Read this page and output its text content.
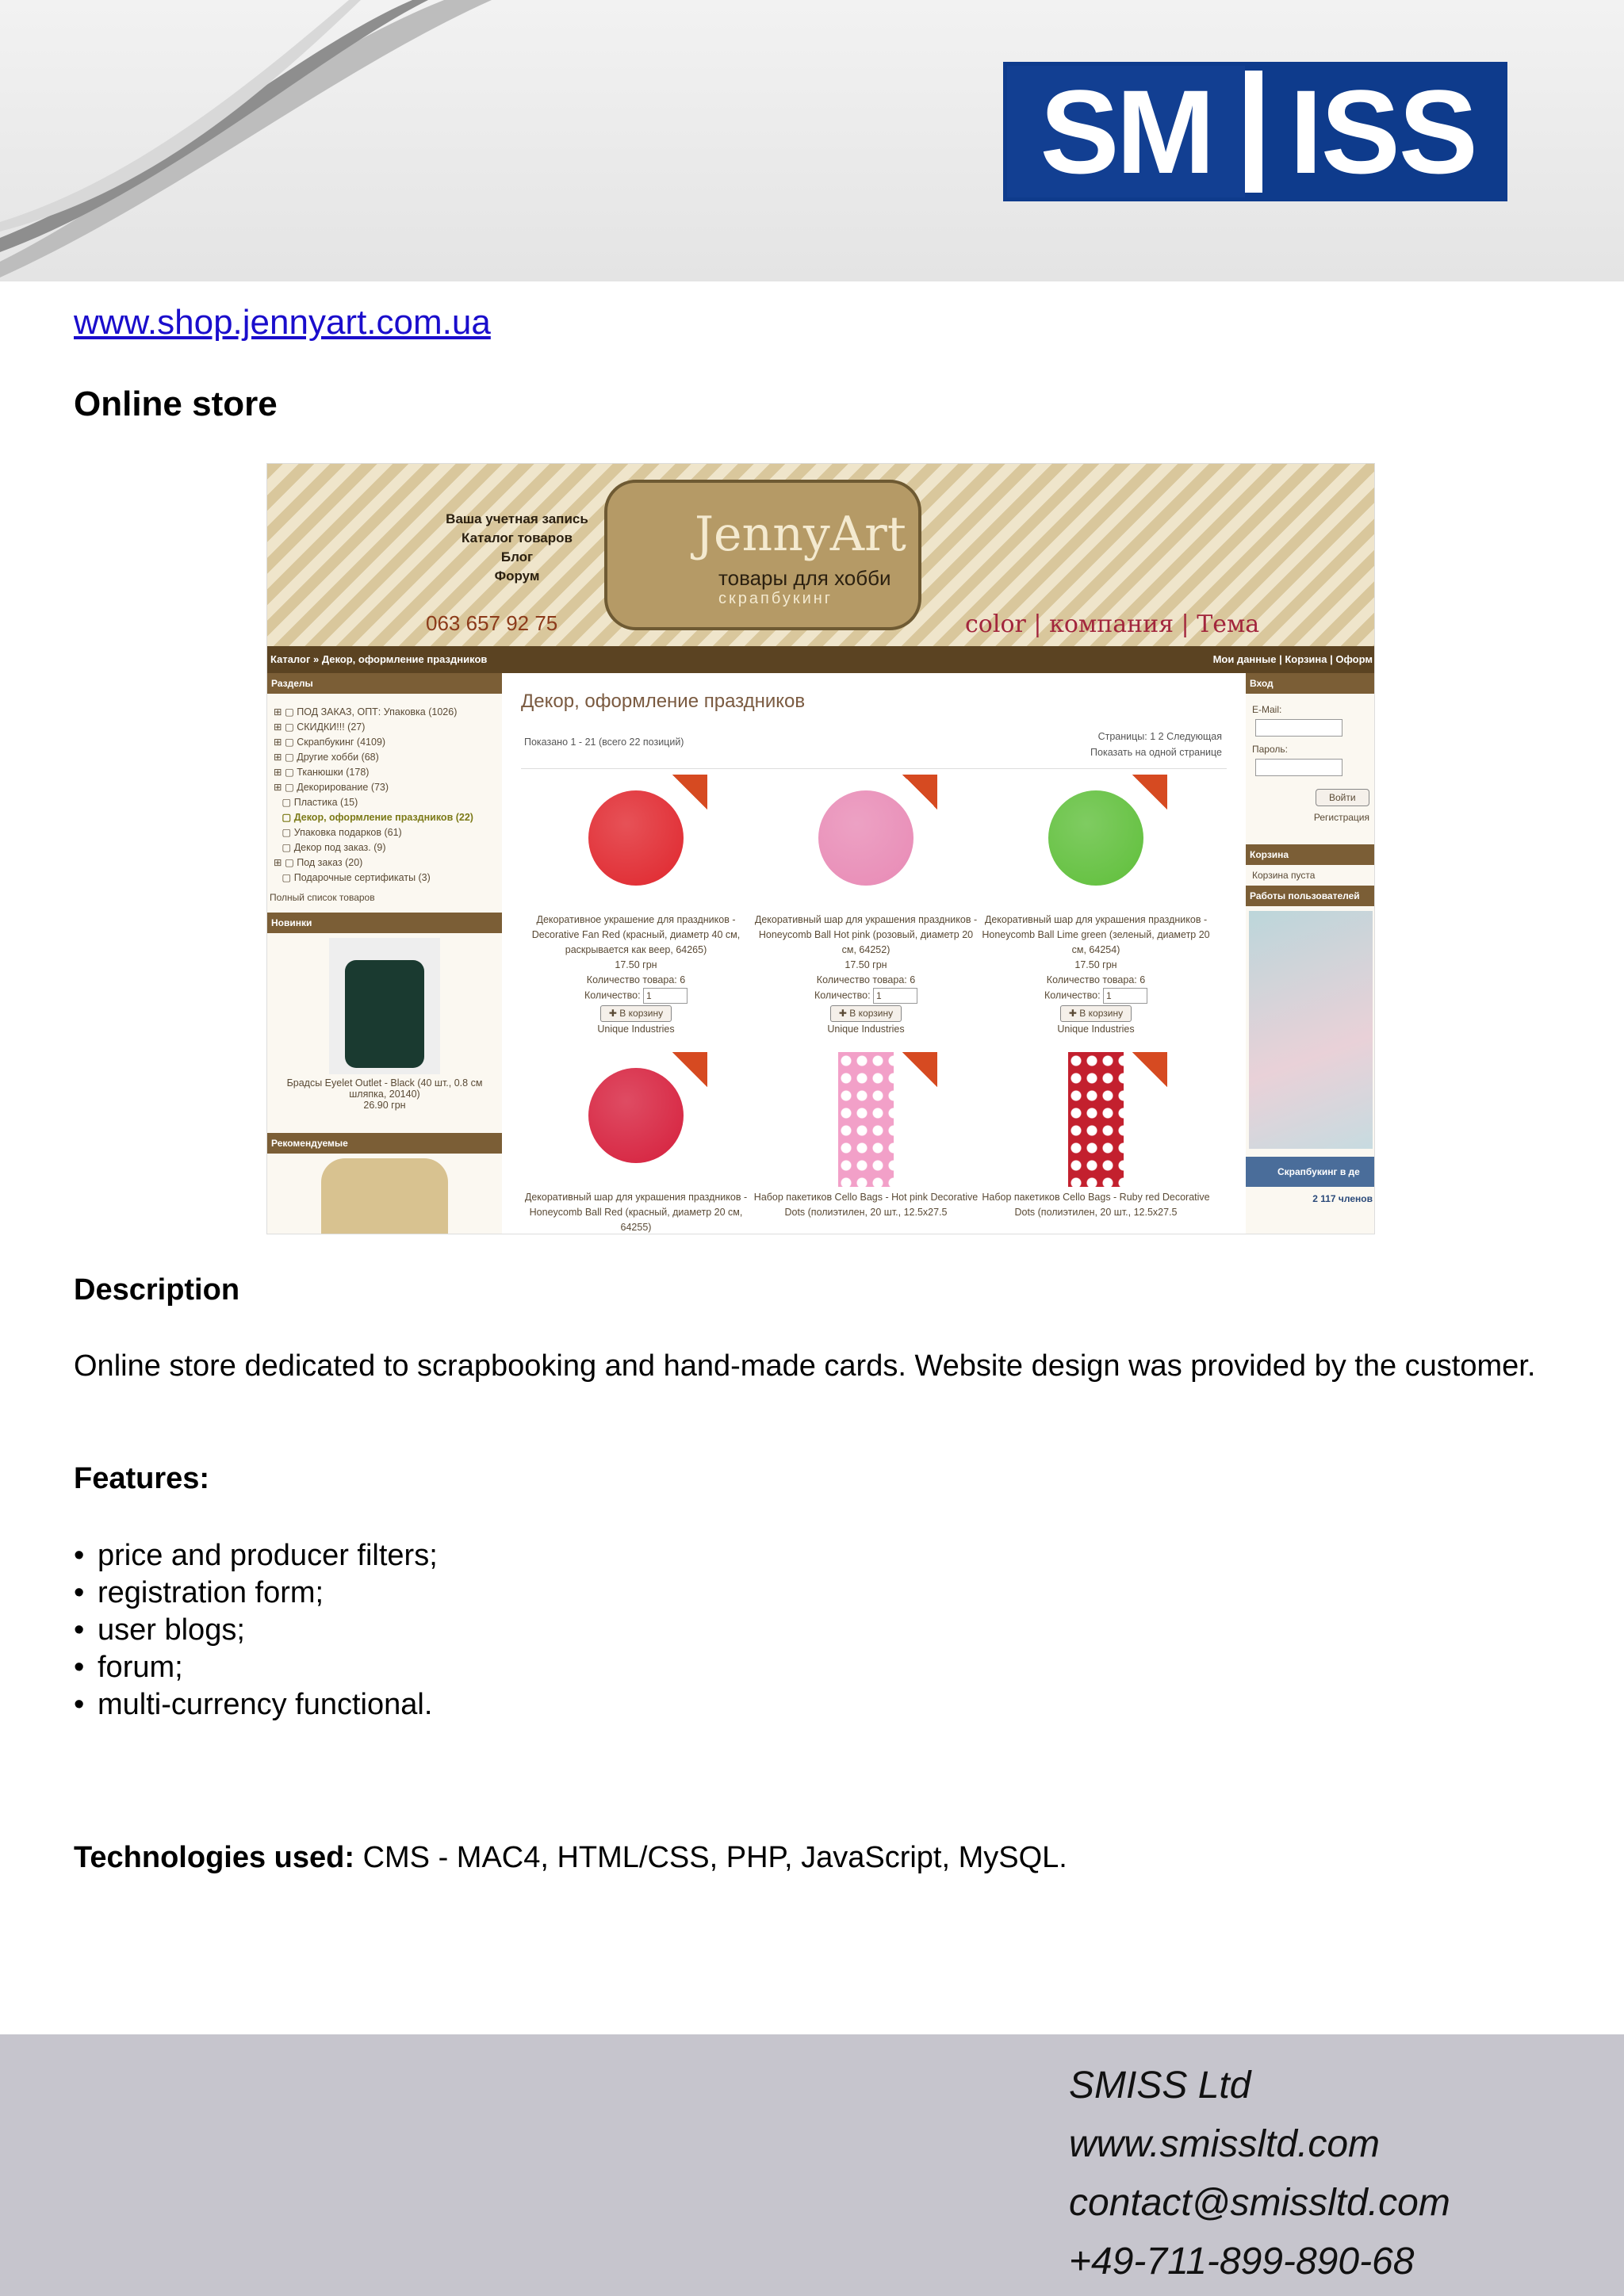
SM ISS
www.shop.jennyart.com.ua
Online store
Ваша учетная запись
Каталог товаров
Блог
Форум
063 657 92 75
JennyArt
товары для хобби
скрапбукинг
color | компания | Тема
Каталог » Декор, оформление праздников	Мои данные | Корзина | Оформ
Разделы
⊞ ▢ ПОД ЗАКАЗ, ОПТ: Упаковка (1026)
⊞ ▢ СКИДКИ!!! (27)
⊞ ▢ Скрапбукинг (4109)
⊞ ▢ Другие хобби (68)
⊞ ▢ Тканюшки (178)
⊞ ▢ Декорирование (73)
▢ Пластика (15)
▢ Декор, оформление праздников (22)
▢ Упаковка подарков (61)
▢ Декор под заказ. (9)
⊞ ▢ Под заказ (20)
▢ Подарочные сертификаты (3)
Полный список товаров
Новинки
Брадсы Eyelet Outlet - Black (40 шт., 0.8 см шляпка, 20140)
26.90 грн
Рекомендуемые
Декор, оформление праздников
Показано 1 - 21 (всего 22 позиций)	Страницы: 1 2 Следующая
Показать на одной странице
Декоративное украшение для праздников - Decorative Fan Red (красный, диаметр 40 см, раскрывается как веер, 64265)
17.50 грн
Количество товара: 6
Количество: 1
✚ В корзину
Unique Industries
Декоративный шар для украшения праздников - Honeycomb Ball Hot pink (розовый, диаметр 20 см, 64252)
17.50 грн
Количество товара: 6
Количество: 1
✚ В корзину
Unique Industries
Декоративный шар для украшения праздников - Honeycomb Ball Lime green (зеленый, диаметр 20 см, 64254)
17.50 грн
Количество товара: 6
Количество: 1
✚ В корзину
Unique Industries
Декоративный шар для украшения праздников - Honeycomb Ball Red (красный, диаметр 20 см, 64255)
Набор пакетиков Cello Bags - Hot pink Decorative Dots (полиэтилен, 20 шт., 12.5x27.5
Набор пакетиков Cello Bags - Ruby red Decorative Dots (полиэтилен, 20 шт., 12.5x27.5
Вход
E-Mail:
Пароль:
Войти
Регистрация
Корзина
Корзина пуста
Работы пользователей
Скрапбукинг в де
2 117 членов
Description
Online store dedicated to scrapbooking and hand-made cards. Website design was provided by the customer.
Features:
• price and producer filters;
• registration form;
• user blogs;
• forum;
• multi-currency functional.
Technologies used: CMS - MAC4, HTML/CSS, PHP, JavaScript, MySQL.
SMISS Ltd
www.smissltd.com
contact@smissltd.com
+49-711-899-890-68
